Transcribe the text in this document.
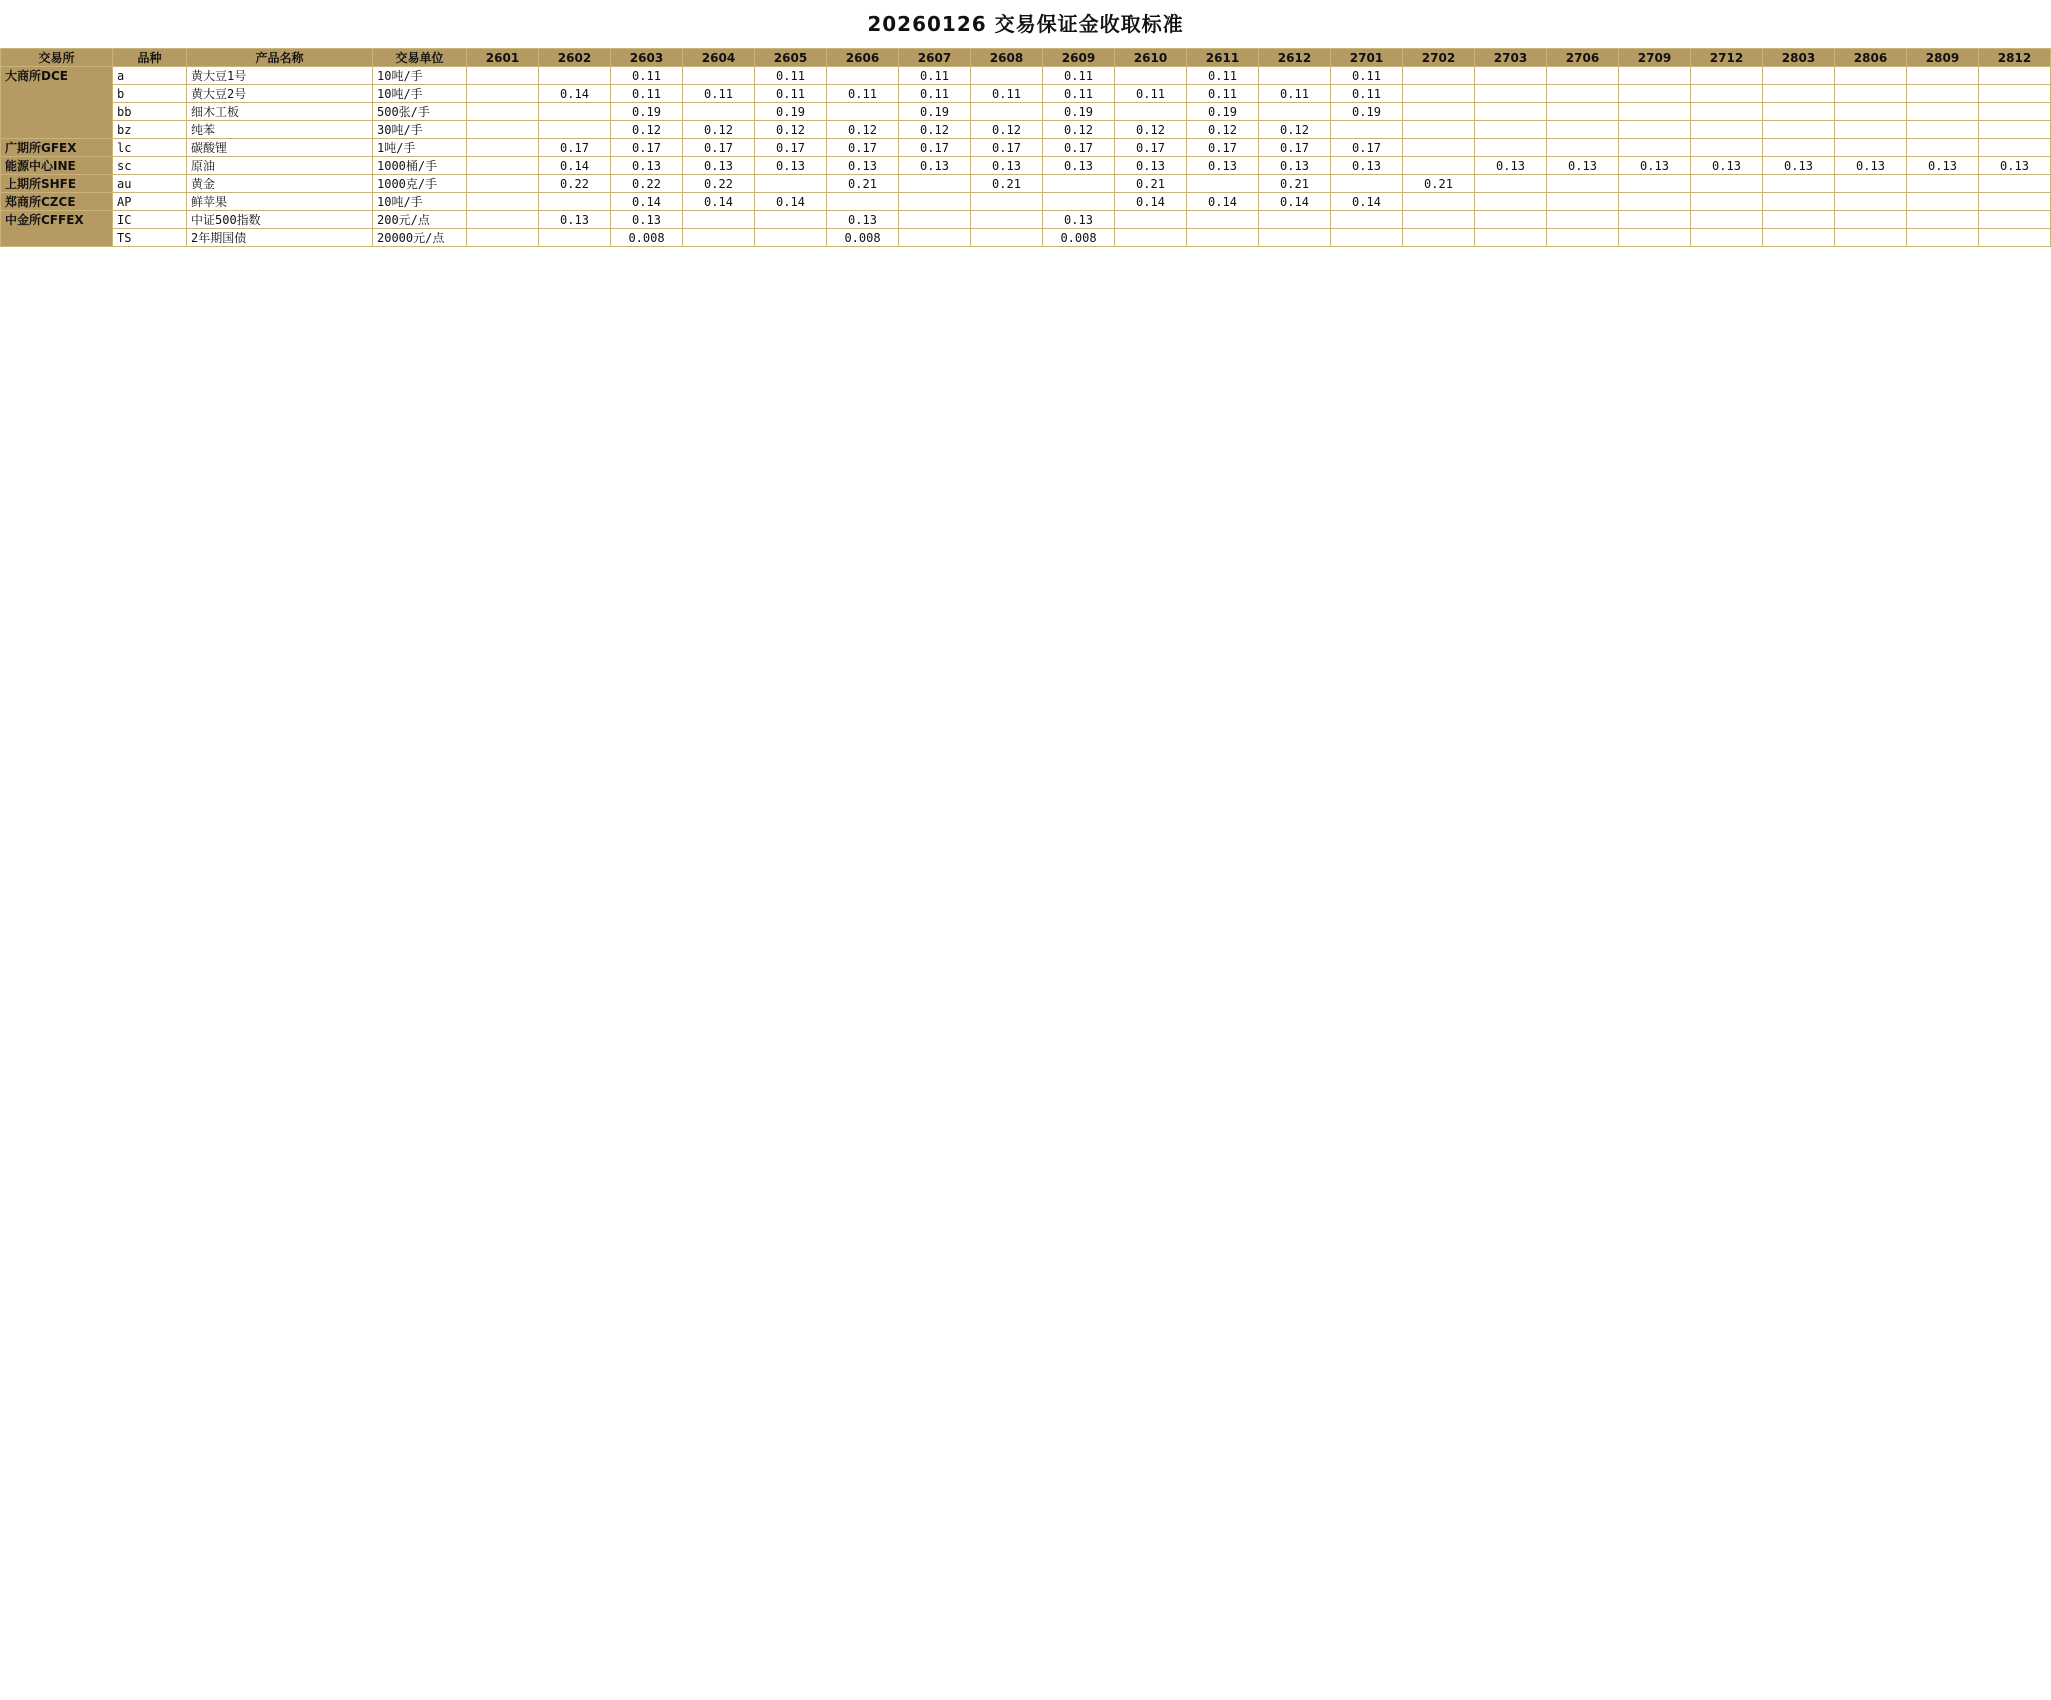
20260126 交易保证金收取标准
交易所	品种	产品名称	交易单位	2601	2602	2603	2604	2605	2606	2607	2608	2609	2610	2611	2612	2701	2702	2703	2706	2709	2712	2803	2806	2809	2812
大商所DCE	a	黄大豆1号	10吨/手			0.11		0.11		0.11		0.11		0.11		0.11									
	b	黄大豆2号	10吨/手		0.14	0.11	0.11	0.11	0.11	0.11	0.11	0.11	0.11	0.11	0.11	0.11									
	bb	细木工板	500张/手			0.19		0.19		0.19		0.19		0.19		0.19									
	bz	纯苯	30吨/手			0.12	0.12	0.12	0.12	0.12	0.12	0.12	0.12	0.12	0.12										
广期所GFEX	lc	碳酸锂	1吨/手		0.17	0.17	0.17	0.17	0.17	0.17	0.17	0.17	0.17	0.17	0.17	0.17									
能源中心INE	sc	原油	1000桶/手		0.14	0.13	0.13	0.13	0.13	0.13	0.13	0.13	0.13	0.13	0.13	0.13		0.13	0.13	0.13	0.13	0.13	0.13	0.13	0.13
上期所SHFE	au	黄金	1000克/手		0.22	0.22	0.22		0.21		0.21		0.21		0.21		0.21								
郑商所CZCE	AP	鲜苹果	10吨/手			0.14	0.14	0.14					0.14	0.14	0.14	0.14									
中金所CFFEX	IC	中证500指数	200元/点		0.13	0.13			0.13			0.13													
	TS	2年期国债	20000元/点			0.008			0.008			0.008													
